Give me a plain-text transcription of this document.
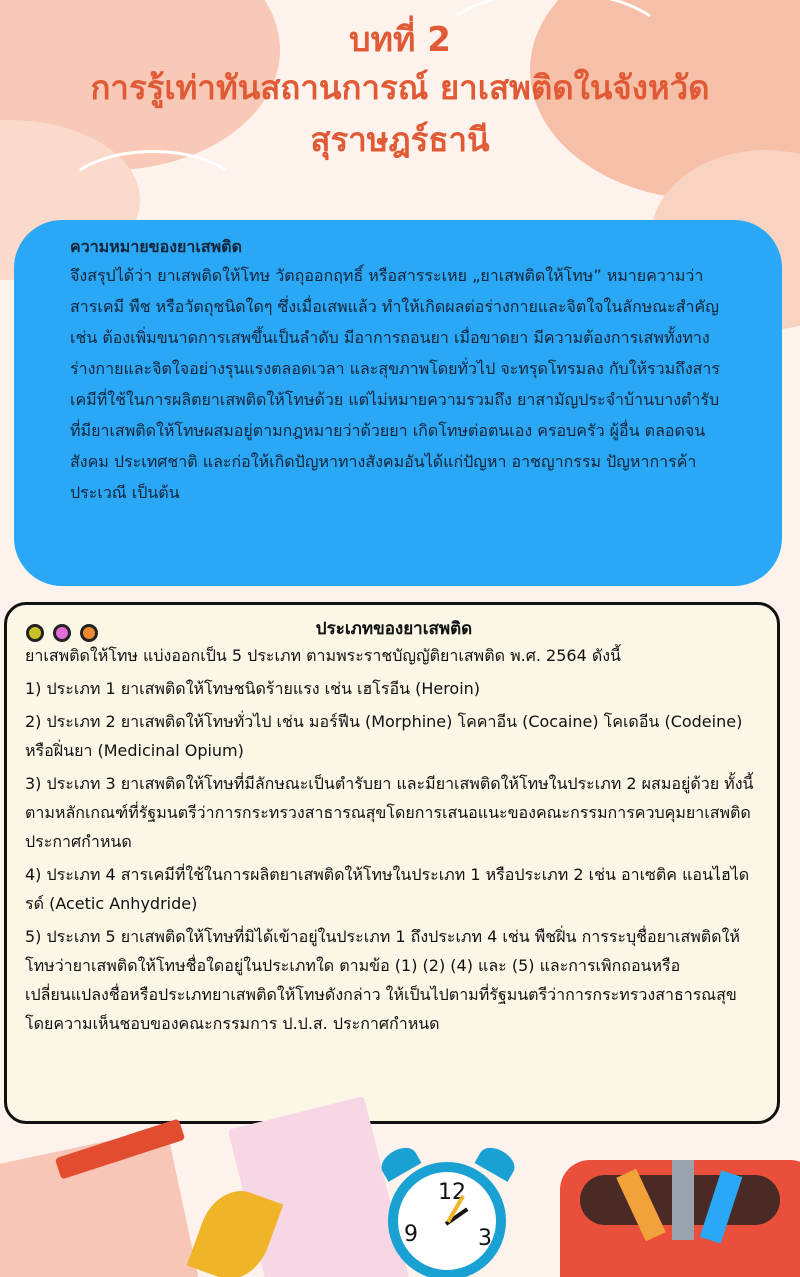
บทที่ 2
การรู้เท่าทันสถานการณ์ ยาเสพติดในจังหวัด
สุราษฎร์ธานี
ความหมายของยาเสพติด
จึงสรุปได้ว่า ยาเสพติดให้โทษ วัตถุออกฤทธิ์ หรือสารระเหย „ยาเสพติดให้โทษ” หมายความว่า สารเคมี พืช หรือวัตถุชนิดใดๆ ซึ่งเมื่อเสพแล้ว ทำให้เกิดผลต่อร่างกายและจิตใจในลักษณะสำคัญ เช่น ต้องเพิ่มขนาดการเสพขึ้นเป็นลำดับ มีอาการถอนยา เมื่อขาดยา มีความต้องการเสพทั้งทางร่างกายและจิตใจอย่างรุนแรงตลอดเวลา และสุขภาพโดยทั่วไป จะทรุดโทรมลง กับให้รวมถึงสารเคมีที่ใช้ในการผลิตยาเสพติดให้โทษด้วย แต่ไม่หมายความรวมถึง ยาสามัญประจำบ้านบางตำรับที่มียาเสพติดให้โทษผสมอยู่ตามกฎหมายว่าด้วยยา เกิดโทษต่อตนเอง ครอบครัว ผู้อื่น ตลอดจนสังคม ประเทศชาติ และก่อให้เกิดปัญหาทางสังคมอันได้แก่ปัญหา อาชญากรรม ปัญหาการค้าประเวณี เป็นต้น
ประเภทของยาเสพติด

ยาเสพติดให้โทษ แบ่งออกเป็น 5 ประเภท ตามพระราชบัญญัติยาเสพติด พ.ศ. 2564 ดังนี้

1) ประเภท 1 ยาเสพติดให้โทษชนิดร้ายแรง เช่น เฮโรอีน (Heroin)

2) ประเภท 2 ยาเสพติดให้โทษทั่วไป เช่น มอร์ฟีน (Morphine) โคคาอีน (Cocaine) โคเดอีน (Codeine) หรือฝิ่นยา (Medicinal Opium)

3) ประเภท 3 ยาเสพติดให้โทษที่มีลักษณะเป็นตำรับยา และมียาเสพติดให้โทษในประเภท 2 ผสมอยู่ด้วย ทั้งนี้ ตามหลักเกณฑ์ที่รัฐมนตรีว่าการกระทรวงสาธารณสุขโดยการเสนอแนะของคณะกรรมการควบคุมยาเสพติดประกาศกำหนด

4) ประเภท 4 สารเคมีที่ใช้ในการผลิตยาเสพติดให้โทษในประเภท 1 หรือประเภท 2 เช่น อาเซติค แอนไฮไดรด์ (Acetic Anhydride)

5) ประเภท 5 ยาเสพติดให้โทษที่มิได้เข้าอยู่ในประเภท 1 ถึงประเภท 4 เช่น พืชฝิ่น การระบุชื่อยาเสพติดให้โทษว่ายาเสพติดให้โทษชื่อใดอยู่ในประเภทใด ตามข้อ (1) (2) (4) และ (5) และการเพิกถอนหรือเปลี่ยนแปลงชื่อหรือประเภทยาเสพติดให้โทษดังกล่าว ให้เป็นไปตามที่รัฐมนตรีว่าการกระทรวงสาธารณสุขโดยความเห็นชอบของคณะกรรมการ ป.ป.ส. ประกาศกำหนด

12
9	3
